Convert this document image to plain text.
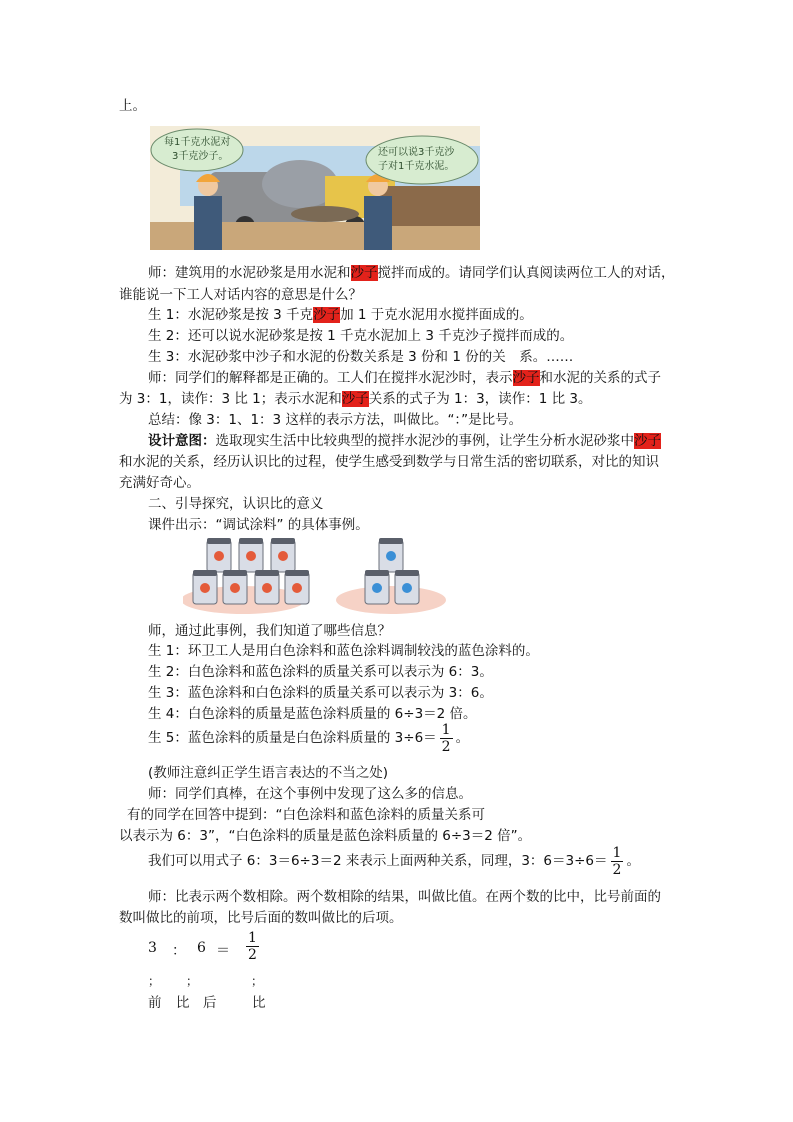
上。
每1千克水泥对
3千克沙子。	还可以说3千克沙
子对1千克水泥。
师：建筑用的水泥砂浆是用水泥和沙子搅拌而成的。请同学们认真阅读两位工人的对话，
谁能说一下工人对话内容的意思是什么？
生 1：水泥砂浆是按 3 千克沙子加 1 于克水泥用水搅拌面成的。
生 2：还可以说水泥砂浆是按 1 千克水泥加上 3 千克沙子搅拌而成的。
生 3：水泥砂浆中沙子和水泥的份数关系是 3 份和 1 份的关　系。……
师：同学们的解释都是正确的。工人们在搅拌水泥沙时，表示沙子和水泥的关系的式子
为 3：1，读作：3 比 1；表示水泥和沙子关系的式子为 1：3，读作：1 比 3。
总结：像 3：1、1：3 这样的表示方法，叫做比。“：”是比号。
设计意图：选取现实生活中比较典型的搅拌水泥沙的事例，让学生分析水泥砂浆中沙子
和水泥的关系，经历认识比的过程，使学生感受到数学与日常生活的密切联系，对比的知识
充满好奇心。
二、引导探究，认识比的意义
课件出示：“调试涂料” 的具体事例。
师，通过此事例，我们知道了哪些信息？
生 1：环卫工人是用白色涂料和蓝色涂料调制较浅的蓝色涂料的。
生 2：白色涂料和蓝色涂料的质量关系可以表示为 6：3。
生 3：蓝色涂料和白色涂料的质量关系可以表示为 3：6。
生 4：白色涂料的质量是蓝色涂料质量的 6÷3＝2 倍。
生 5：蓝色涂料的质量是白色涂料质量的 $3\div 6= \frac{1}{2}$ 。
(教师注意纠正学生语言表达的不当之处)
师：同学们真棒，在这个事例中发现了这么多的信息。
有的同学在回答中提到：“白色涂料和蓝色涂料的质量关系可
以表示为 6：3”，“白色涂料的质量是蓝色涂料质量的 6÷3＝2 倍”。
我们可以用式子 6：3＝6÷3＝2 来表示上面两种关系，同理，3：$6=3\div 6= \frac{1}{2}$ 。
师：比表示两个数相除。两个数相除的结果，叫做比值。在两个数的比中，比号前面的
数叫做比的前项，比号后面的数叫做比的后项。
3 ： $6 = \frac{1}{2}$
； ；	；
前 比 后	比
